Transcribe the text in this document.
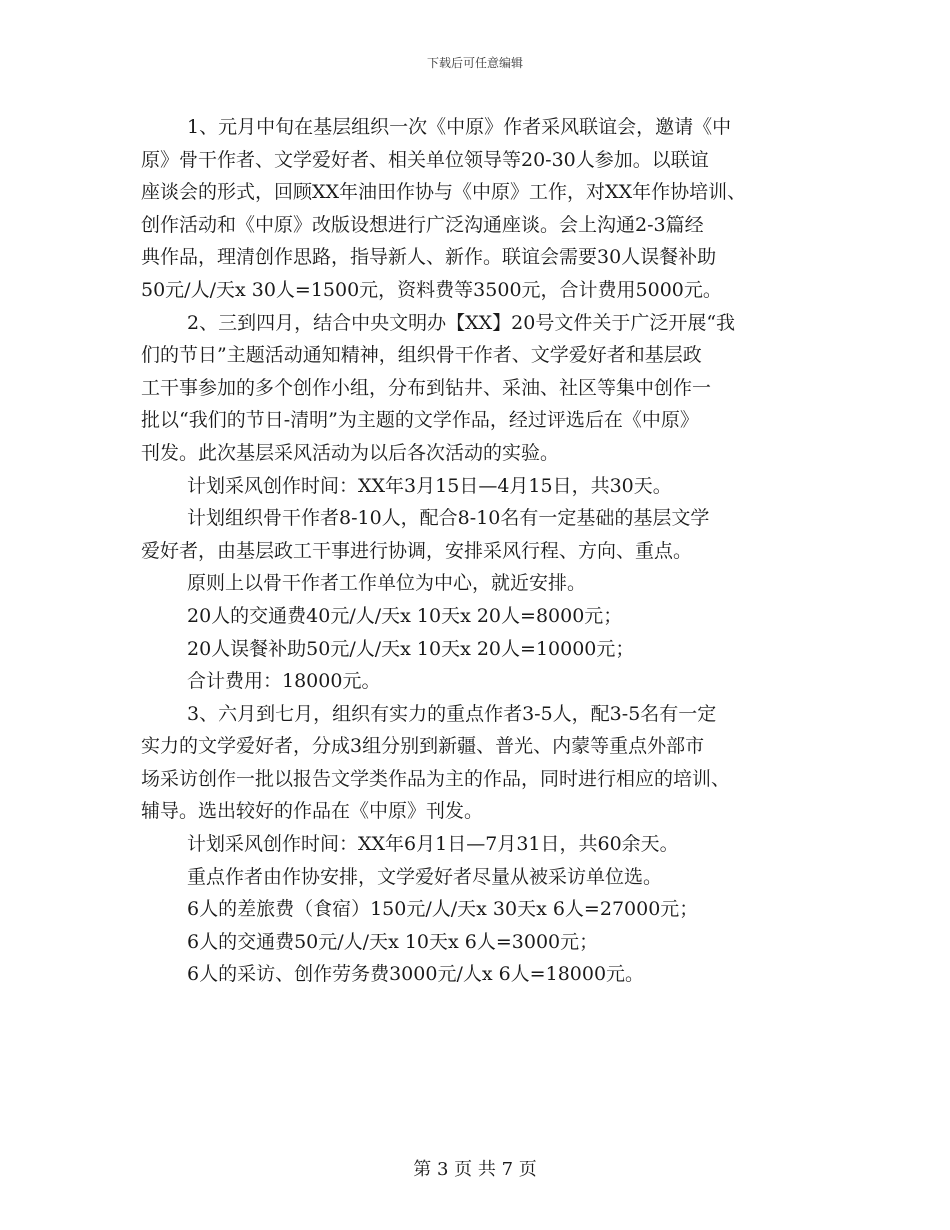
下载后可任意编辑

1、元月中旬在基层组织一次《中原》作者采风联谊会，邀请《中

原》骨干作者、文学爱好者、相关单位领导等20-30人参加。以联谊

座谈会的形式，回顾XX年油田作协与《中原》工作，对XX年作协培训、

创作活动和《中原》改版设想进行广泛沟通座谈。会上沟通2-3篇经

典作品，理清创作思路，指导新人、新作。联谊会需要30人误餐补助

50元/人/天x 30人=1500元，资料费等3500元，合计费用5000元。

2、三到四月，结合中央文明办【XX】20号文件关于广泛开展“我

们的节日”主题活动通知精神，组织骨干作者、文学爱好者和基层政

工干事参加的多个创作小组，分布到钻井、采油、社区等集中创作一

批以“我们的节日-清明”为主题的文学作品，经过评选后在《中原》

刊发。此次基层采风活动为以后各次活动的实验。

计划采风创作时间：XX年3月15日—4月15日，共30天。

计划组织骨干作者8-10人，配合8-10名有一定基础的基层文学

爱好者，由基层政工干事进行协调，安排采风行程、方向、重点。

原则上以骨干作者工作单位为中心，就近安排。

20人的交通费40元/人/天x 10天x 20人=8000元；

20人误餐补助50元/人/天x 10天x 20人=10000元；

合计费用：18000元。

3、六月到七月，组织有实力的重点作者3-5人，配3-5名有一定

实力的文学爱好者，分成3组分别到新疆、普光、内蒙等重点外部市

场采访创作一批以报告文学类作品为主的作品，同时进行相应的培训、

辅导。选出较好的作品在《中原》刊发。

计划采风创作时间：XX年6月1日—7月31日，共60余天。

重点作者由作协安排，文学爱好者尽量从被采访单位选。

6人的差旅费（食宿）150元/人/天x 30天x 6人=27000元；

6人的交通费50元/人/天x 10天x 6人=3000元；

6人的采访、创作劳务费3000元/人x 6人=18000元。

第 3 页 共 7 页
